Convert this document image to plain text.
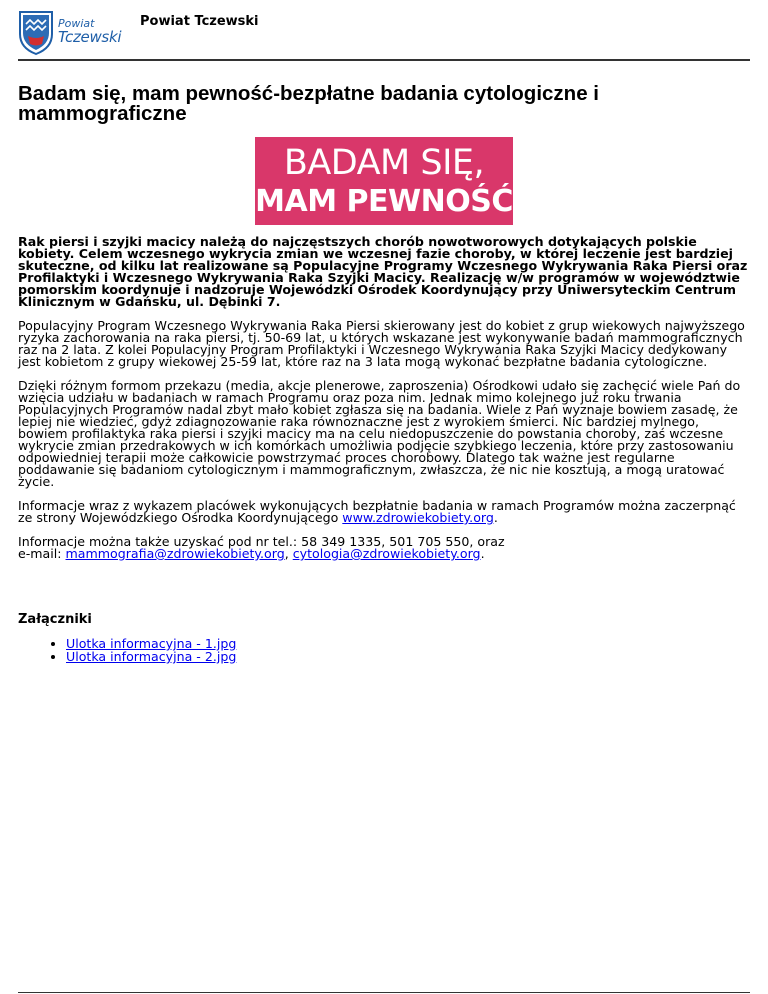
Powiat
Tczewski
Powiat Tczewski
Badam się, mam pewność-bezpłatne badania cytologiczne i mammograficzne
BADAM SIĘ,
MAM PEWNOŚĆ

Rak piersi i szyjki macicy należą do najczęstszych chorób nowotworowych dotykających polskie kobiety. Celem wczesnego wykrycia zmian we wczesnej fazie choroby, w której leczenie jest bardziej skuteczne, od kilku lat realizowane są Populacyjne Programy Wczesnego Wykrywania Raka Piersi oraz Profilaktyki i Wczesnego Wykrywania Raka Szyjki Macicy. Realizację w/w programów w województwie pomorskim koordynuje i nadzoruje Wojewódzki Ośrodek Koordynujący przy Uniwersyteckim Centrum Klinicznym w Gdańsku, ul. Dębinki 7.

Populacyjny Program Wczesnego Wykrywania Raka Piersi skierowany jest do kobiet z grup wiekowych najwyższego ryzyka zachorowania na raka piersi, tj. 50-69 lat, u których wskazane jest wykonywanie badań mammograficznych raz na 2 lata. Z kolei Populacyjny Program Profilaktyki i Wczesnego Wykrywania Raka Szyjki Macicy dedykowany jest kobietom z grupy wiekowej 25-59 lat, które raz na 3 lata mogą wykonać bezpłatne badania cytologiczne.

Dzięki różnym formom przekazu (media, akcje plenerowe, zaproszenia) Ośrodkowi udało się zachęcić wiele Pań do wzięcia udziału w badaniach w ramach Programu oraz poza nim. Jednak mimo kolejnego już roku trwania Populacyjnych Programów nadal zbyt mało kobiet zgłasza się na badania. Wiele z Pań wyznaje bowiem zasadę, że lepiej nie wiedzieć, gdyż zdiagnozowanie raka równoznaczne jest z wyrokiem śmierci. Nic bardziej mylnego, bowiem profilaktyka raka piersi i szyjki macicy ma na celu niedopuszczenie do powstania choroby, zaś wczesne wykrycie zmian przedrakowych w ich komórkach umożliwia podjęcie szybkiego leczenia, które przy zastosowaniu odpowiedniej terapii może całkowicie powstrzymać proces chorobowy. Dlatego tak ważne jest regularne poddawanie się badaniom cytologicznym i mammograficznym, zwłaszcza, że nic nie kosztują, a mogą uratować życie.

Informacje wraz z wykazem placówek wykonujących bezpłatnie badania w ramach Programów można zaczerpnąć ze strony Wojewódzkiego Ośrodka Koordynującego www.zdrowiekobiety.org.

Informacje można także uzyskać pod nr tel.: 58 349 1335, 501 705 550, oraz
e-mail: mammografia@zdrowiekobiety.org, cytologia@zdrowiekobiety.org.

Załączniki
• Ulotka informacyjna - 1.jpg
• Ulotka informacyjna - 2.jpg
